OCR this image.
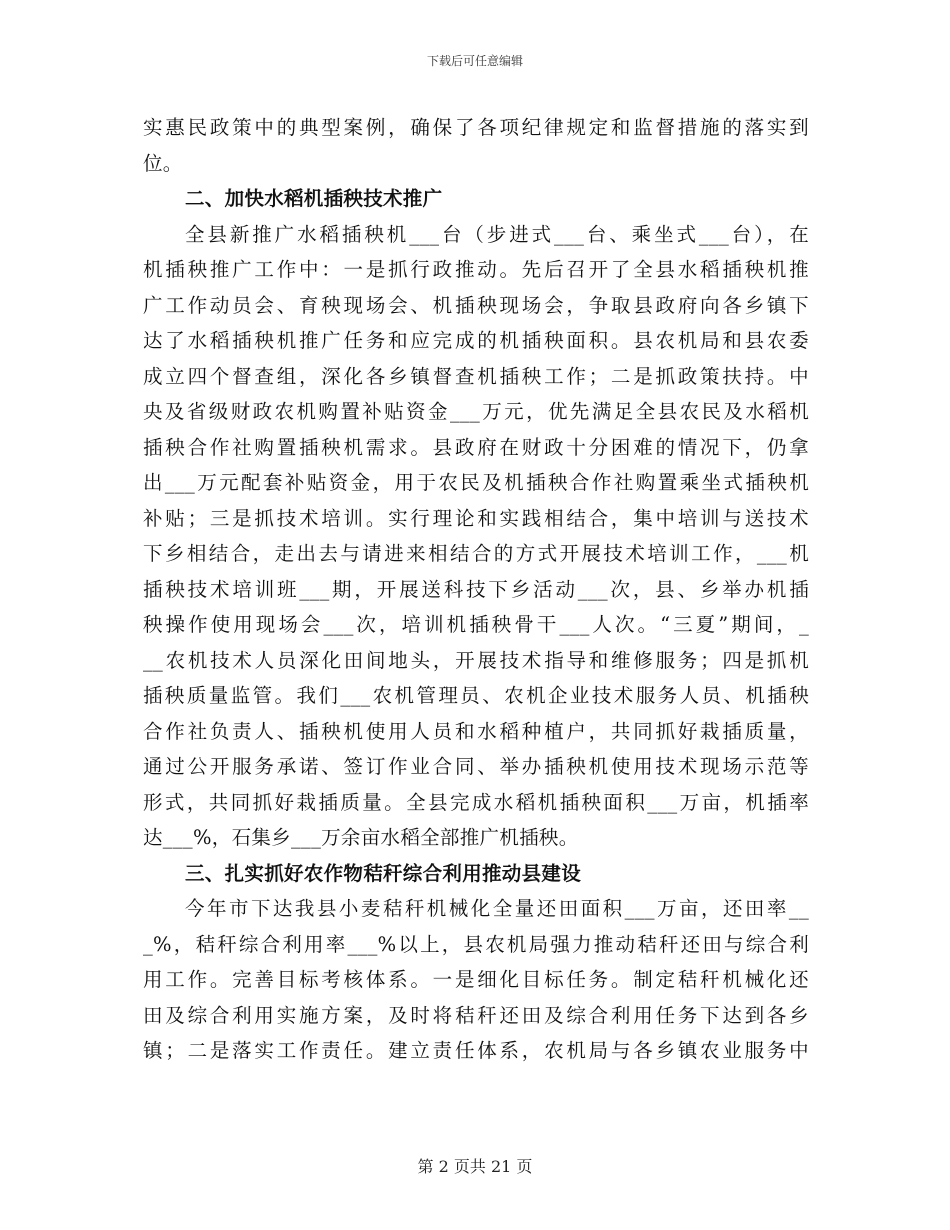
下载后可任意编辑
实惠民政策中的典型案例，确保了各项纪律规定和监督措施的落实到
位。
二、加快水稻机插秧技术推广
全县新推广水稻插秧机___台（步进式___台、乘坐式___台），在
机插秧推广工作中：一是抓行政推动。先后召开了全县水稻插秧机推
广工作动员会、育秧现场会、机插秧现场会，争取县政府向各乡镇下
达了水稻插秧机推广任务和应完成的机插秧面积。县农机局和县农委
成立四个督查组，深化各乡镇督查机插秧工作；二是抓政策扶持。中
央及省级财政农机购置补贴资金___万元，优先满足全县农民及水稻机
插秧合作社购置插秧机需求。县政府在财政十分困难的情况下，仍拿
出___万元配套补贴资金，用于农民及机插秧合作社购置乘坐式插秧机
补贴；三是抓技术培训。实行理论和实践相结合，集中培训与送技术
下乡相结合，走出去与请进来相结合的方式开展技术培训工作，___机
插秧技术培训班___期，开展送科技下乡活动___次，县、乡举办机插
秧操作使用现场会___次，培训机插秧骨干___人次。“三夏”期间，_
__农机技术人员深化田间地头，开展技术指导和维修服务；四是抓机
插秧质量监管。我们___农机管理员、农机企业技术服务人员、机插秧
合作社负责人、插秧机使用人员和水稻种植户，共同抓好栽插质量，
通过公开服务承诺、签订作业合同、举办插秧机使用技术现场示范等
形式，共同抓好栽插质量。全县完成水稻机插秧面积___万亩，机插率
达___%，石集乡___万余亩水稻全部推广机插秧。
三、扎实抓好农作物秸秆综合利用推动县建设
今年市下达我县小麦秸秆机械化全量还田面积___万亩，还田率__
_%，秸秆综合利用率___%以上，县农机局强力推动秸秆还田与综合利
用工作。完善目标考核体系。一是细化目标任务。制定秸秆机械化还
田及综合利用实施方案，及时将秸秆还田及综合利用任务下达到各乡
镇；二是落实工作责任。建立责任体系，农机局与各乡镇农业服务中
第 2 页共 21 页
